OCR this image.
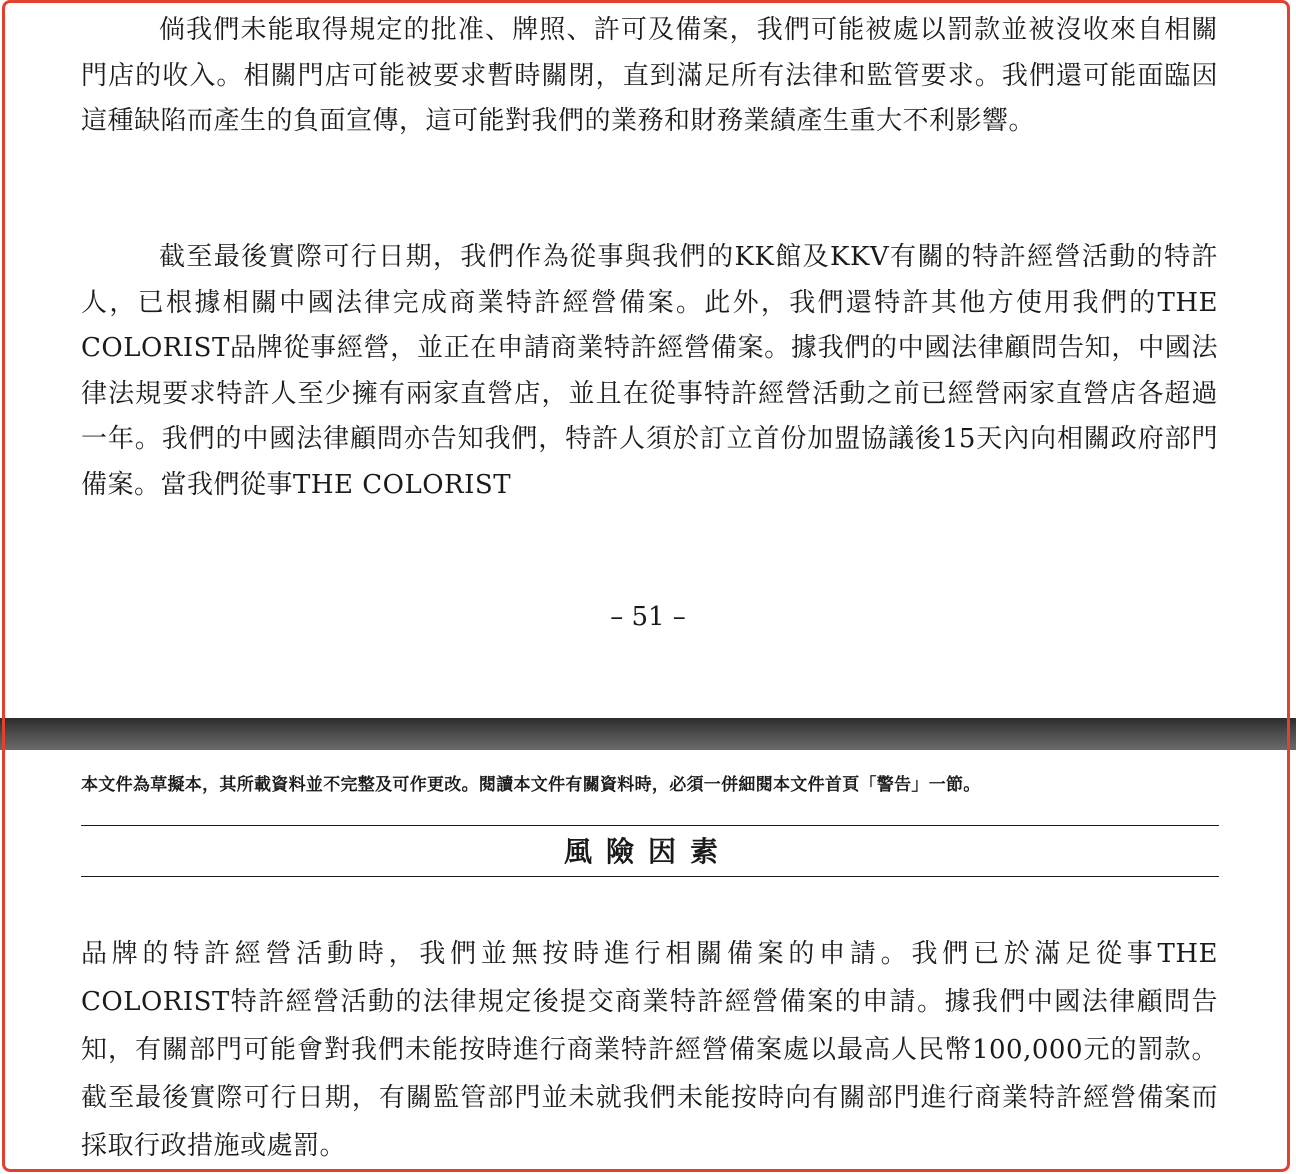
倘我們未能取得規定的批准、牌照、許可及備案，我們可能被處以罰款並被沒收來自相關門店的收入。相關門店可能被要求暫時關閉，直到滿足所有法律和監管要求。我們還可能面臨因這種缺陷而產生的負面宣傳，這可能對我們的業務和財務業績產生重大不利影響。

截至最後實際可行日期，我們作為從事與我們的KK館及KKV有關的特許經營活動的特許人，已根據相關中國法律完成商業特許經營備案。此外，我們還特許其他方使用我們的THE COLORIST品牌從事經營，並正在申請商業特許經營備案。據我們的中國法律顧問告知，中國法律法規要求特許人至少擁有兩家直營店，並且在從事特許經營活動之前已經營兩家直營店各超過一年。我們的中國法律顧問亦告知我們，特許人須於訂立首份加盟協議後15天內向相關政府部門備案。當我們從事THE COLORIST

– 51 –
本文件為草擬本，其所載資料並不完整及可作更改。閱讀本文件有關資料時，必須一併細閱本文件首頁「警告」一節。
風險因素

品牌的特許經營活動時，我們並無按時進行相關備案的申請。我們已於滿足從事THE COLORIST特許經營活動的法律規定後提交商業特許經營備案的申請。據我們中國法律顧問告知，有關部門可能會對我們未能按時進行商業特許經營備案處以最高人民幣100,000元的罰款。截至最後實際可行日期，有關監管部門並未就我們未能按時向有關部門進行商業特許經營備案而採取行政措施或處罰。
